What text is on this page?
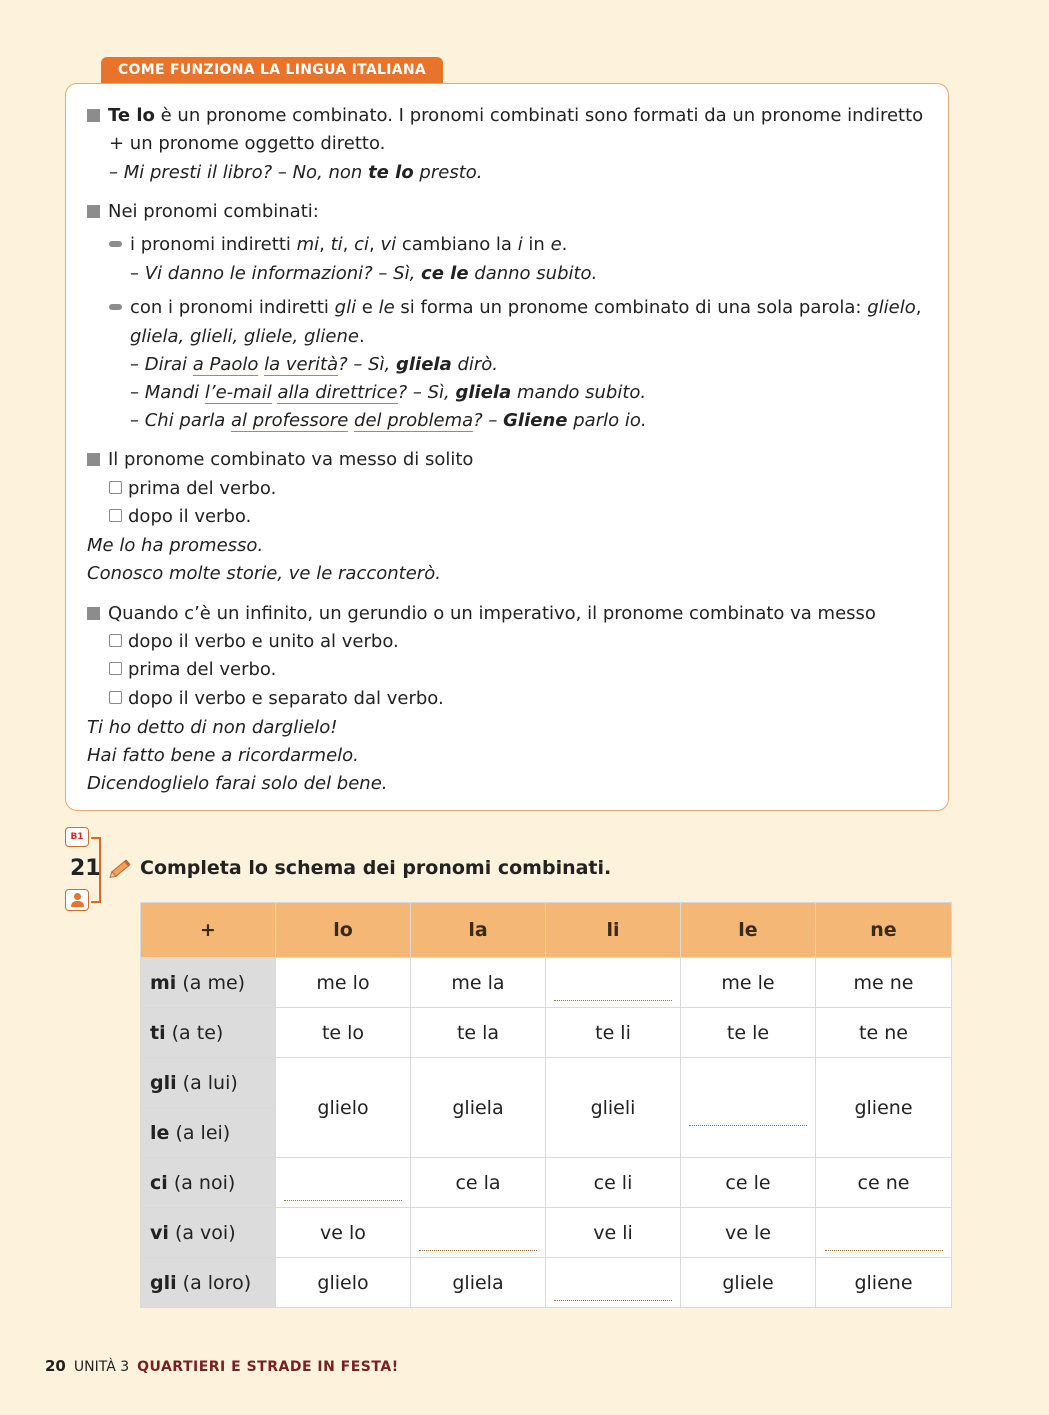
COME FUNZIONA LA LINGUA ITALIANA
Te lo è un pronome combinato. I pronomi combinati sono formati da un pronome indiretto
+ un pronome oggetto diretto.
– Mi presti il libro? – No, non te lo presto.
Nei pronomi combinati:
i pronomi indiretti mi, ti, ci, vi cambiano la i in e.
– Vi danno le informazioni? – Sì, ce le danno subito.
con i pronomi indiretti gli e le si forma un pronome combinato di una sola parola: glielo,
gliela, glieli, gliele, gliene.
– Dirai a Paolo la verità? – Sì, gliela dirò.
– Mandi l’e-mail alla direttrice? – Sì, gliela mando subito.
– Chi parla al professore del problema? – Gliene parlo io.
Il pronome combinato va messo di solito
prima del verbo.
dopo il verbo.
Me lo ha promesso.
Conosco molte storie, ve le racconterò.
Quando c’è un infinito, un gerundio o un imperativo, il pronome combinato va messo
dopo il verbo e unito al verbo.
prima del verbo.
dopo il verbo e separato dal verbo.
Ti ho detto di non darglielo!
Hai fatto bene a ricordarmelo.
Dicendoglielo farai solo del bene.
B1
21 Completa lo schema dei pronomi combinati.
+	lo	la	li	le	ne
mi (a me)	me lo	me la		me le	me ne
ti (a te)	te lo	te la	te li	te le	te ne
gli (a lui)	glielo	gliela	glieli		gliene
le (a lei)					
ci (a noi)		ce la	ce li	ce le	ce ne
vi (a voi)	ve lo		ve li	ve le	
gli (a loro)	glielo	gliela		gliele	gliene
20 UNITÀ 3 QUARTIERI E STRADE IN FESTA!
